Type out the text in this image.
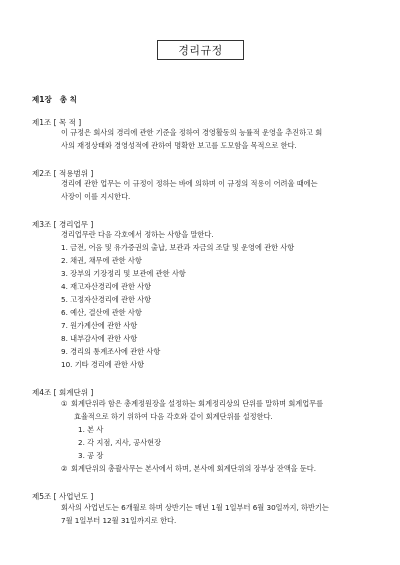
경리규정
제1장 총 칙
제1조 [ 목 적 ]
이 규정은 회사의 경리에 관한 기준을 정하여 경영활동의 능률적 운영을 추진하고 회
사의 재정상태와 경영성적에 관하여 명확한 보고를 도모함을 목적으로 한다.
제2조 [ 적용범위 ]
경리에 관한 업무는 이 규정이 정하는 바에 의하며 이 규정의 적용이 어려울 때에는
사장이 이를 지시한다.
제3조 [ 경리업무 ]
경리업무란 다음 각호에서 정하는 사항을 말한다.
1. 금전, 어음 및 유가증권의 출납, 보관과 자금의 조달 및 운영에 관한 사항
2. 채권, 채무에 관한 사항
3. 장부의 기장정리 및 보관에 관한 사항
4. 재고자산경리에 관한 사항
5. 고정자산경리에 관한 사항
6. 예산, 결산에 관한 사항
7. 원가계산에 관한 사항
8. 내부감사에 관한 사항
9. 경리의 통계조사에 관한 사항
10. 기타 경리에 관한 사항
제4조 [ 회계단위 ]
① 회계단위라 함은 총계정원장을 설정하는 회계정리상의 단위를 말하며 회계업무를
효율적으로 하기 위하여 다음 각호와 같이 회계단위를 설정한다.
1. 본 사
2. 각 지점, 지사, 공사현장
3. 공 장
② 회계단위의 총괄사무는 본사에서 하며, 본사에 회계단위의 장부상 잔액을 둔다.
제5조 [ 사업년도 ]
회사의 사업년도는 6개월로 하며 상반기는 매년 1월 1일부터 6월 30일까지, 하반기는
7월 1일부터 12월 31일까지로 한다.
